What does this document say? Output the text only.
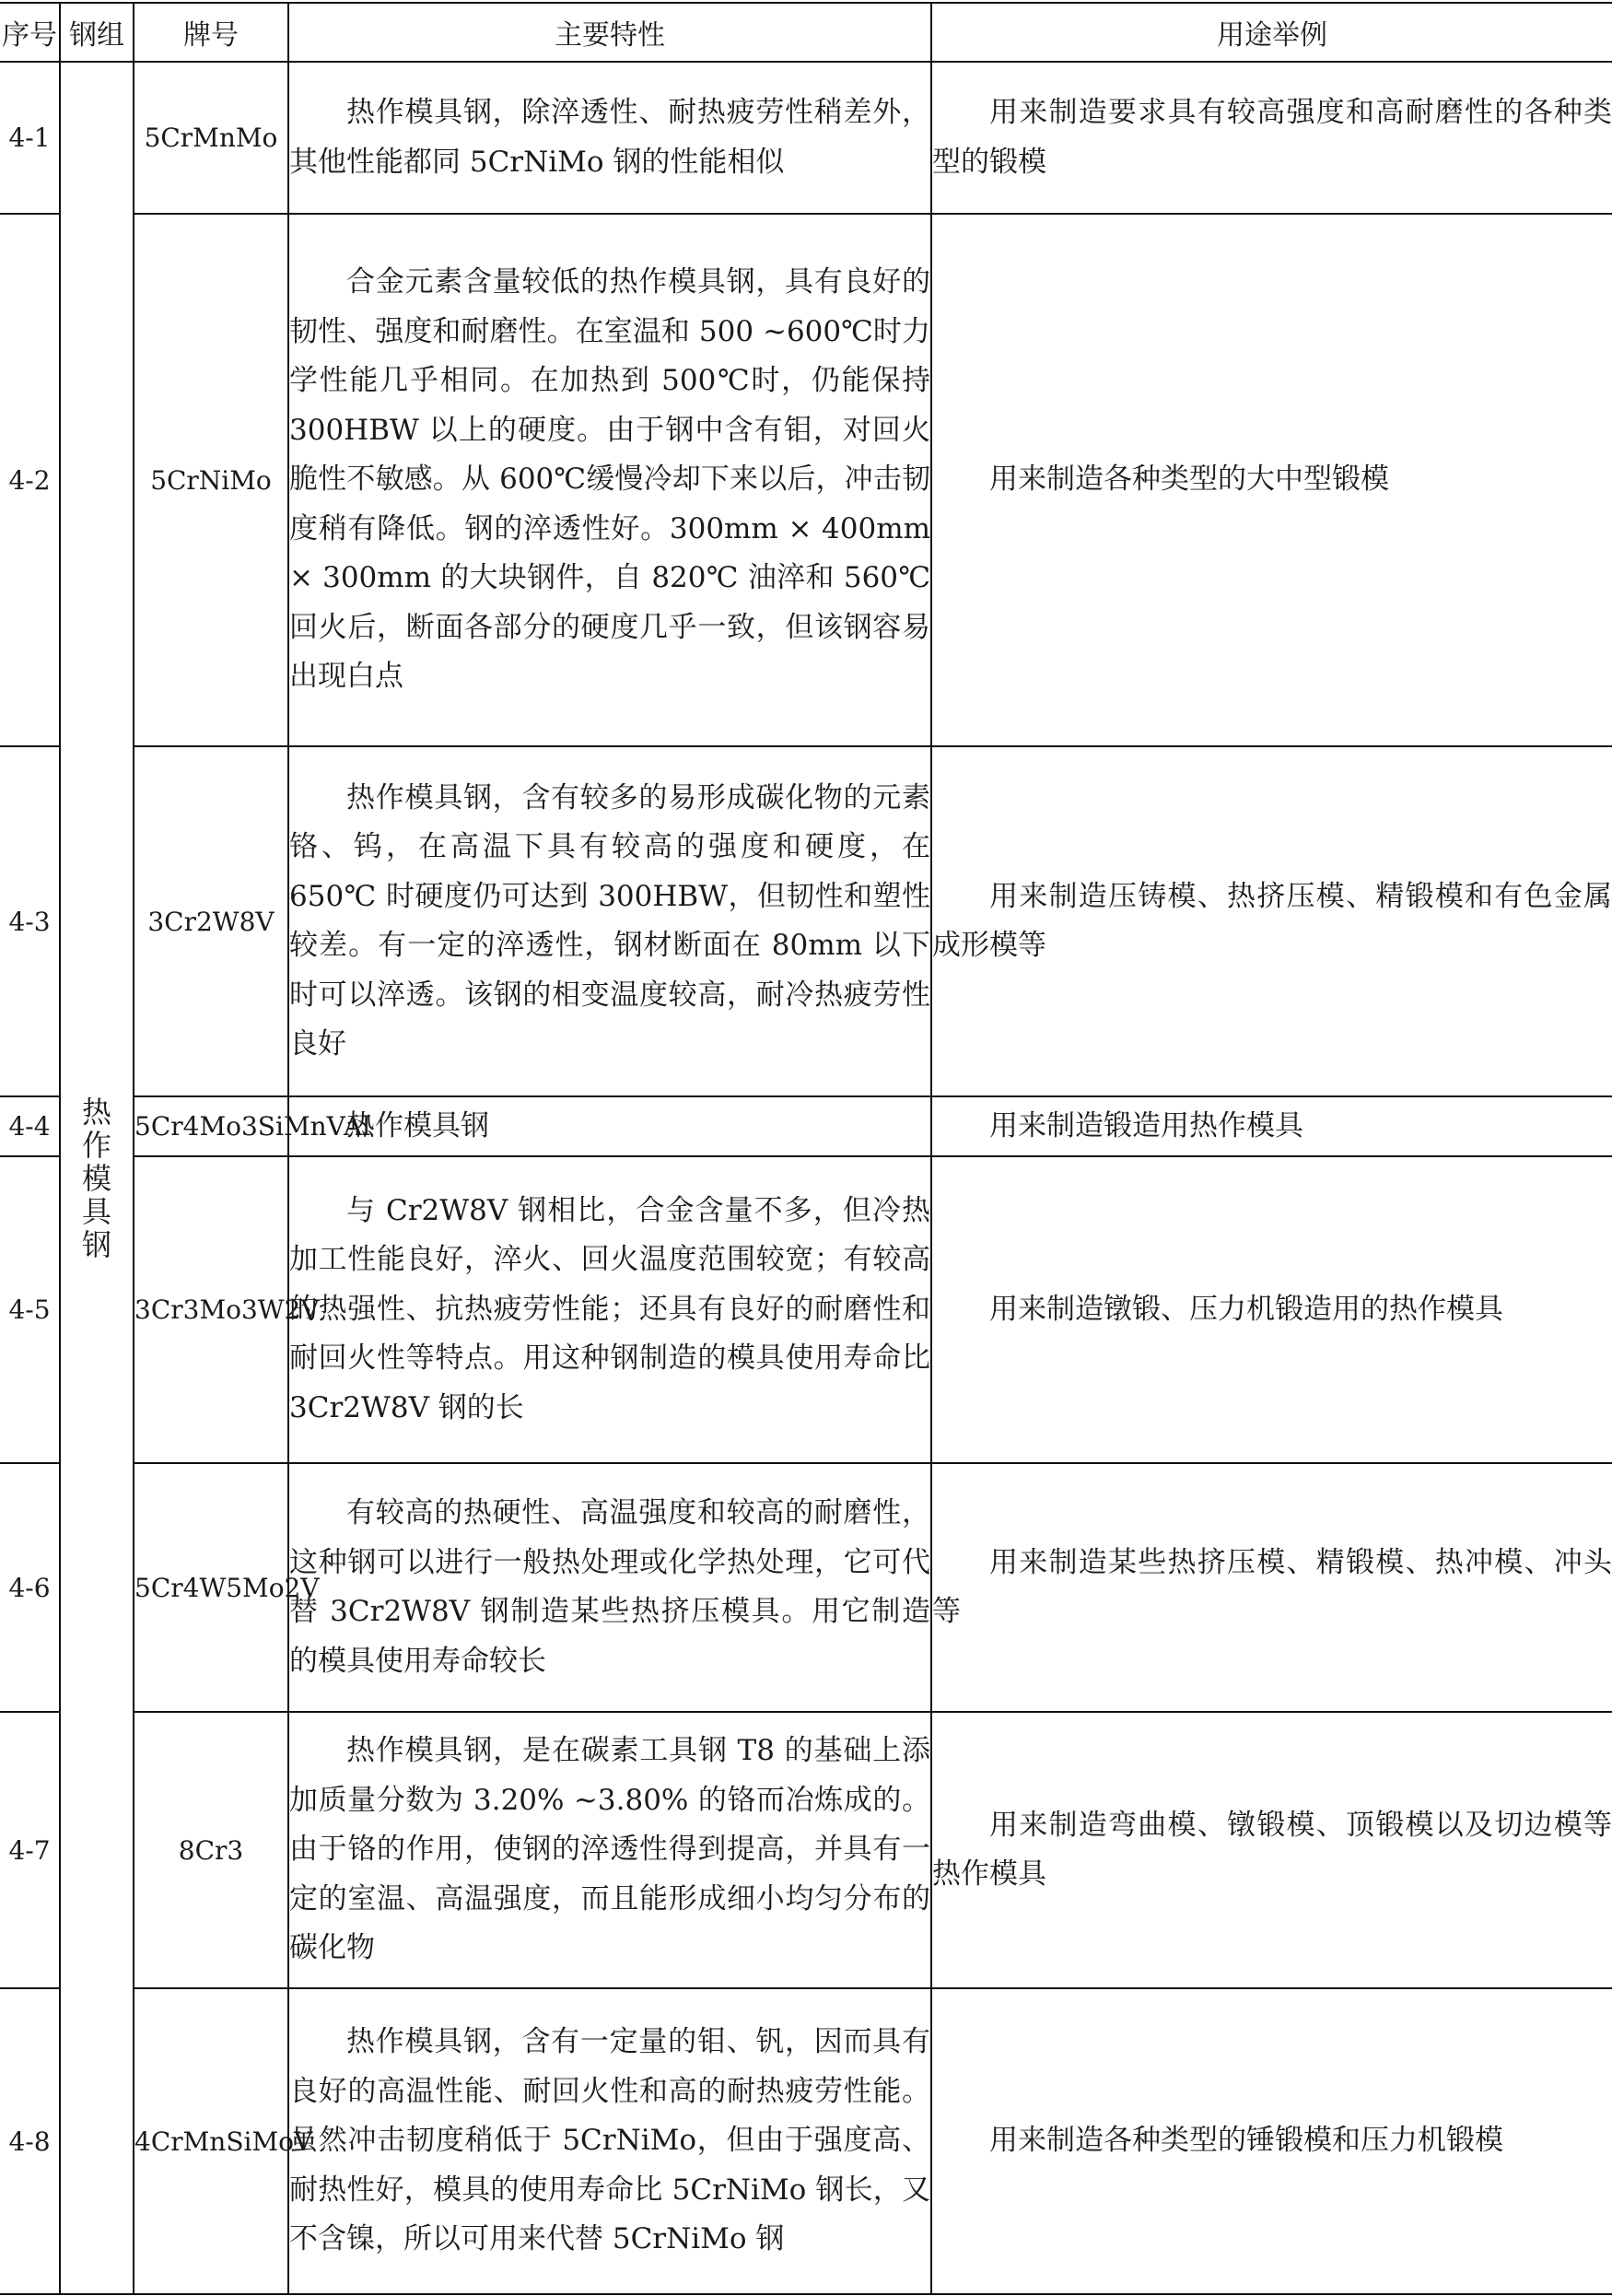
序号	钢组	牌号	主要特性	用途举例
4-1	热作模具钢	5CrMnMo	热作模具钢，除淬透性、耐热疲劳性稍差外，其他性能都同 5CrNiMo 钢的性能相似	用来制造要求具有较高强度和高耐磨性的各种类型的锻模

4-2		5CrNiMo	合金元素含量较低的热作模具钢，具有良好的韧性、强度和耐磨性。在室温和 500 ~600℃时力学性能几乎相同。在加热到 500℃时，仍能保持 300HBW 以上的硬度。由于钢中含有钼，对回火脆性不敏感。从 600℃缓慢冷却下来以后，冲击韧度稍有降低。钢的淬透性好。300mm × 400mm × 300mm 的大块钢件，自 820℃ 油淬和 560℃ 回火后，断面各部分的硬度几乎一致，但该钢容易出现白点	用来制造各种类型的大中型锻模

4-3		3Cr2W8V	热作模具钢，含有较多的易形成碳化物的元素铬、钨，在高温下具有较高的强度和硬度，在 650℃ 时硬度仍可达到 300HBW，但韧性和塑性较差。有一定的淬透性，钢材断面在 80mm 以下时可以淬透。该钢的相变温度较高，耐冷热疲劳性良好	用来制造压铸模、热挤压模、精锻模和有色金属成形模等

4-4		5Cr4Mo3SiMnVAl	热作模具钢	用来制造锻造用热作模具

4-5		3Cr3Mo3W2V	与 Cr2W8V 钢相比，合金含量不多，但冷热加工性能良好，淬火、回火温度范围较宽；有较高的热强性、抗热疲劳性能；还具有良好的耐磨性和耐回火性等特点。用这种钢制造的模具使用寿命比 3Cr2W8V 钢的长	用来制造镦锻、压力机锻造用的热作模具

4-6		5Cr4W5Mo2V	有较高的热硬性、高温强度和较高的耐磨性，这种钢可以进行一般热处理或化学热处理，它可代替 3Cr2W8V 钢制造某些热挤压模具。用它制造的模具使用寿命较长	用来制造某些热挤压模、精锻模、热冲模、冲头等

4-7		8Cr3	热作模具钢，是在碳素工具钢 T8 的基础上添加质量分数为 3.20% ~3.80% 的铬而冶炼成的。由于铬的作用，使钢的淬透性得到提高，并具有一定的室温、高温强度，而且能形成细小均匀分布的碳化物	用来制造弯曲模、镦锻模、顶锻模以及切边模等热作模具

4-8		4CrMnSiMoV	热作模具钢，含有一定量的钼、钒，因而具有良好的高温性能、耐回火性和高的耐热疲劳性能。虽然冲击韧度稍低于 5CrNiMo，但由于强度高、耐热性好，模具的使用寿命比 5CrNiMo 钢长，又不含镍，所以可用来代替 5CrNiMo 钢	用来制造各种类型的锤锻模和压力机锻模
